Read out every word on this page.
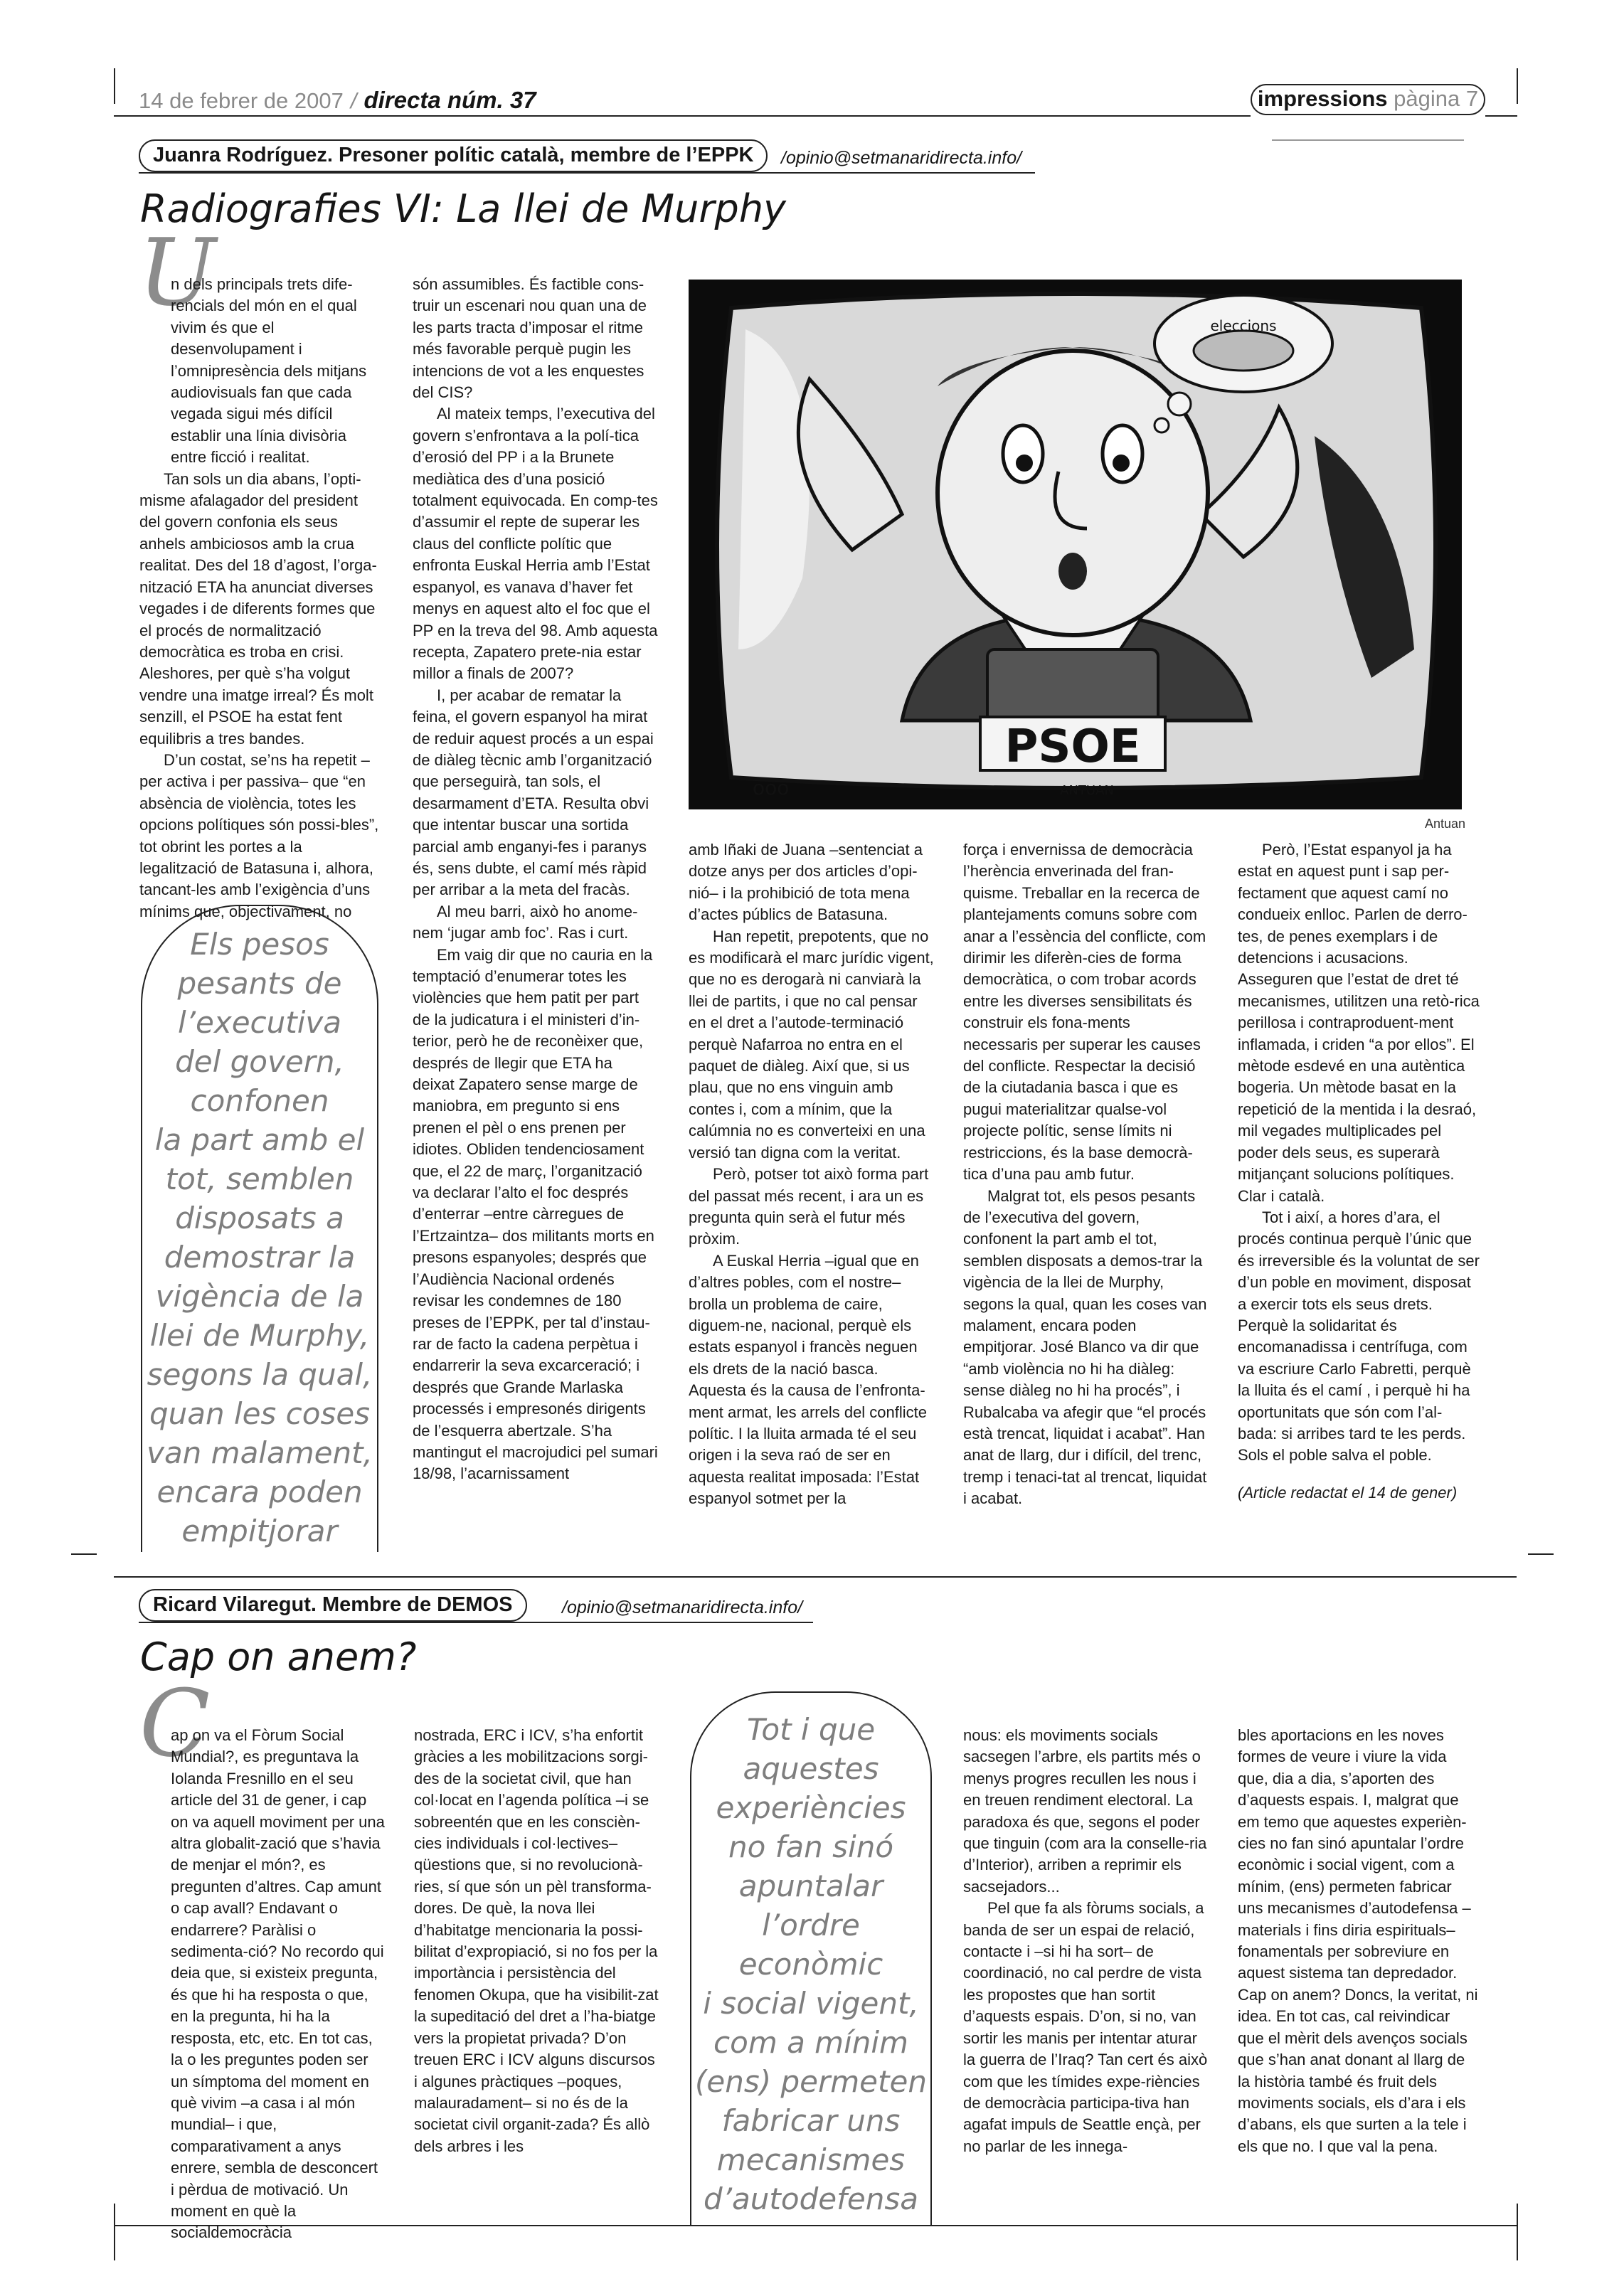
14 de febrer de 2007 / directa núm. 37	impressions pàgina 7
Juanra Rodríguez. Presoner polític català, membre de l’EPPK	/opinio@setmanaridirecta.info/
Radiografies VI: La llei de Murphy
U

n dels principals trets dife-rencials del món en el qual vivim és que el desenvolupament i l’omnipresència dels mitjans audiovisuals fan que cada vegada sigui més difícil establir una línia divisòria entre ficció i realitat.

Tan sols un dia abans, l’opti-misme afalagador del president del govern confonia els seus anhels ambiciosos amb la crua realitat. Des del 18 d’agost, l’orga-nització ETA ha anunciat diverses vegades i de diferents formes que el procés de normalització democràtica es troba en crisi. Aleshores, per què s’ha volgut vendre una imatge irreal? És molt senzill, el PSOE ha estat fent equilibris a tres bandes.

D’un costat, se’ns ha repetit –per activa i per passiva– que “en absència de violència, totes les opcions polítiques són possi-bles”, tot obrint les portes a la legalització de Batasuna i, alhora, tancant-les amb l’exigència d’uns mínims que, objectivament, no

Els pesos
pesants de
l’executiva
del govern,
confonen
la part amb el
tot, semblen
disposats a
demostrar la
vigència de la
llei de Murphy,
segons la qual,
quan les coses
van malament,
encara poden
empitjorar

són assumibles. És factible cons-truir un escenari nou quan una de les parts tracta d’imposar el ritme més favorable perquè pugin les intencions de vot a les enquestes del CIS?

Al mateix temps, l’executiva del govern s’enfrontava a la polí-tica d’erosió del PP i a la Brunete mediàtica des d’una posició totalment equivocada. En comp-tes d’assumir el repte de superar les claus del conflicte polític que enfronta Euskal Herria amb l’Estat espanyol, es vanava d’haver fet menys en aquest alto el foc que el PP en la treva del 98. Amb aquesta recepta, Zapatero prete-nia estar millor a finals de 2007?

I, per acabar de rematar la feina, el govern espanyol ha mirat de reduir aquest procés a un espai de diàleg tècnic amb l’organització que perseguirà, tan sols, el desarmament d’ETA. Resulta obvi que intentar buscar una sortida parcial amb enganyi-fes i paranys és, sens dubte, el camí més ràpid per arribar a la meta del fracàs.

Al meu barri, això ho anome-nem ‘jugar amb foc’. Ras i curt.

Em vaig dir que no cauria en la temptació d’enumerar totes les violències que hem patit per part de la judicatura i el ministeri d’in-terior, però he de reconèixer que, després de llegir que ETA ha deixat Zapatero sense marge de maniobra, em pregunto si ens prenen el pèl o ens prenen per idiotes. Obliden tendenciosament que, el 22 de març, l’organització va declarar l’alto el foc després d’enterrar –entre càrregues de l’Ertzaintza– dos militants morts en presons espanyoles; després que l’Audiència Nacional ordenés revisar les condemnes de 180 preses de l’EPPK, per tal d’instau-rar de facto la cadena perpètua i endarrerir la seva excarceració; i després que Grande Marlaska processés i empresonés dirigents de l’esquerra abertzale. S’ha mantingut el macrojudici pel sumari 18/98, l’acarnissament

PSOE
ANTUAN
ooo
eleccions
Antuan

amb Iñaki de Juana –sentenciat a dotze anys per dos articles d’opi-nió– i la prohibició de tota mena d’actes públics de Batasuna.

Han repetit, prepotents, que no es modificarà el marc jurídic vigent, que no es derogarà ni canviarà la llei de partits, i que no cal pensar en el dret a l’autode-terminació perquè Nafarroa no entra en el paquet de diàleg. Així que, si us plau, que no ens vinguin amb contes i, com a mínim, que la calúmnia no es converteixi en una versió tan digna com la veritat.

Però, potser tot això forma part del passat més recent, i ara un es pregunta quin serà el futur més pròxim.

A Euskal Herria –igual que en d’altres pobles, com el nostre– brolla un problema de caire, diguem-ne, nacional, perquè els estats espanyol i francès neguen els drets de la nació basca. Aquesta és la causa de l’enfronta-ment armat, les arrels del conflicte polític. I la lluita armada té el seu origen i la seva raó de ser en aquesta realitat imposada: l’Estat espanyol sotmet per la

força i envernissa de democràcia l’herència enverinada del fran-quisme. Treballar en la recerca de plantejaments comuns sobre com anar a l’essència del conflicte, com dirimir les diferèn-cies de forma democràtica, o com trobar acords entre les diverses sensibilitats és construir els fona-ments necessaris per superar les causes del conflicte. Respectar la decisió de la ciutadania basca i que es pugui materialitzar qualse-vol projecte polític, sense límits ni restriccions, és la base democrà-tica d’una pau amb futur.

Malgrat tot, els pesos pesants de l’executiva del govern, confonent la part amb el tot, semblen disposats a demos-trar la vigència de la llei de Murphy, segons la qual, quan les coses van malament, encara poden empitjorar. José Blanco va dir que “amb violència no hi ha diàleg: sense diàleg no hi ha procés”, i Rubalcaba va afegir que “el procés està trencat, liquidat i acabat”. Han anat de llarg, dur i difícil, del trenc, tremp i tenaci-tat al trencat, liquidat i acabat.

Però, l’Estat espanyol ja ha estat en aquest punt i sap per-fectament que aquest camí no condueix enlloc. Parlen de derro-tes, de penes exemplars i de detencions i acusacions. Asseguren que l’estat de dret té mecanismes, utilitzen una retò-rica perillosa i contraproduent-ment inflamada, i criden “a por ellos”. El mètode esdevé en una autèntica bogeria. Un mètode basat en la repetició de la mentida i la desraó, mil vegades multiplicades pel poder dels seus, es superarà mitjançant solucions polítiques. Clar i català.

Tot i així, a hores d’ara, el procés continua perquè l’únic que és irreversible és la voluntat de ser d’un poble en moviment, disposat a exercir tots els seus drets. Perquè la solidaritat és encomanadissa i centrífuga, com va escriure Carlo Fabretti, perquè la lluita és el camí , i perquè hi ha oportunitats que són com l’al-bada: si arribes tard te les perds. Sols el poble salva el poble.

(Article redactat el 14 de gener)

Ricard Vilaregut. Membre de DEMOS	/opinio@setmanaridirecta.info/
Cap on anem?
C

ap on va el Fòrum Social Mundial?, es preguntava la Iolanda Fresnillo en el seu article del 31 de gener, i cap on va aquell moviment per una altra globalit-zació que s’havia de menjar el món?, es pregunten d’altres. Cap amunt o cap avall? Endavant o endarrere? Paràlisi o sedimenta-ció? No recordo qui deia que, si existeix pregunta, és que hi ha resposta o que, en la pregunta, hi ha la resposta, etc, etc. En tot cas, la o les preguntes poden ser un símptoma del moment en què vivim –a casa i al món mundial– i que, comparativament a anys enrere, sembla de desconcert i pèrdua de motivació. Un moment en què la socialdemocràcia

nostrada, ERC i ICV, s’ha enfortit gràcies a les mobilitzacions sorgi-des de la societat civil, que han col·locat en l’agenda política –i se sobreentén que en les conscièn-cies individuals i col·lectives– qüestions que, si no revolucionà-ries, sí que són un pèl transforma-dores. De què, la nova llei d’habitatge mencionaria la possi-bilitat d’expropiació, si no fos per la importància i persistència del fenomen Okupa, que ha visibilit-zat la supeditació del dret a l’ha-biatge vers la propietat privada? D’on treuen ERC i ICV alguns discursos i algunes pràctiques –poques, malauradament– si no és de la societat civil organit-zada? És allò dels arbres i les

Tot i que
aquestes
experiències
no fan sinó
apuntalar
l’ordre econòmic
i social vigent,
com a mínim
(ens) permeten
fabricar uns
mecanismes
d’autodefensa

nous: els moviments socials sacsegen l’arbre, els partits més o menys progres recullen les nous i en treuen rendiment electoral. La paradoxa és que, segons el poder que tinguin (com ara la conselle-ria d’Interior), arriben a reprimir els sacsejadors...

Pel que fa als fòrums socials, a banda de ser un espai de relació, contacte i –si hi ha sort– de coordinació, no cal perdre de vista les propostes que han sortit d’aquests espais. D’on, si no, van sortir les manis per intentar aturar la guerra de l’Iraq? Tan cert és això com que les tímides expe-riències de democràcia participa-tiva han agafat impuls de Seattle ençà, per no parlar de les innega-

bles aportacions en les noves formes de veure i viure la vida que, dia a dia, s’aporten des d’aquests espais. I, malgrat que em temo que aquestes experièn-cies no fan sinó apuntalar l’ordre econòmic i social vigent, com a mínim, (ens) permeten fabricar uns mecanismes d’autodefensa –materials i fins diria espirituals– fonamentals per sobreviure en aquest sistema tan depredador. Cap on anem? Doncs, la veritat, ni idea. En tot cas, cal reivindicar que el mèrit dels avenços socials que s’han anat donant al llarg de la història també és fruit dels moviments socials, els d’ara i els d’abans, els que surten a la tele i els que no. I que val la pena.
